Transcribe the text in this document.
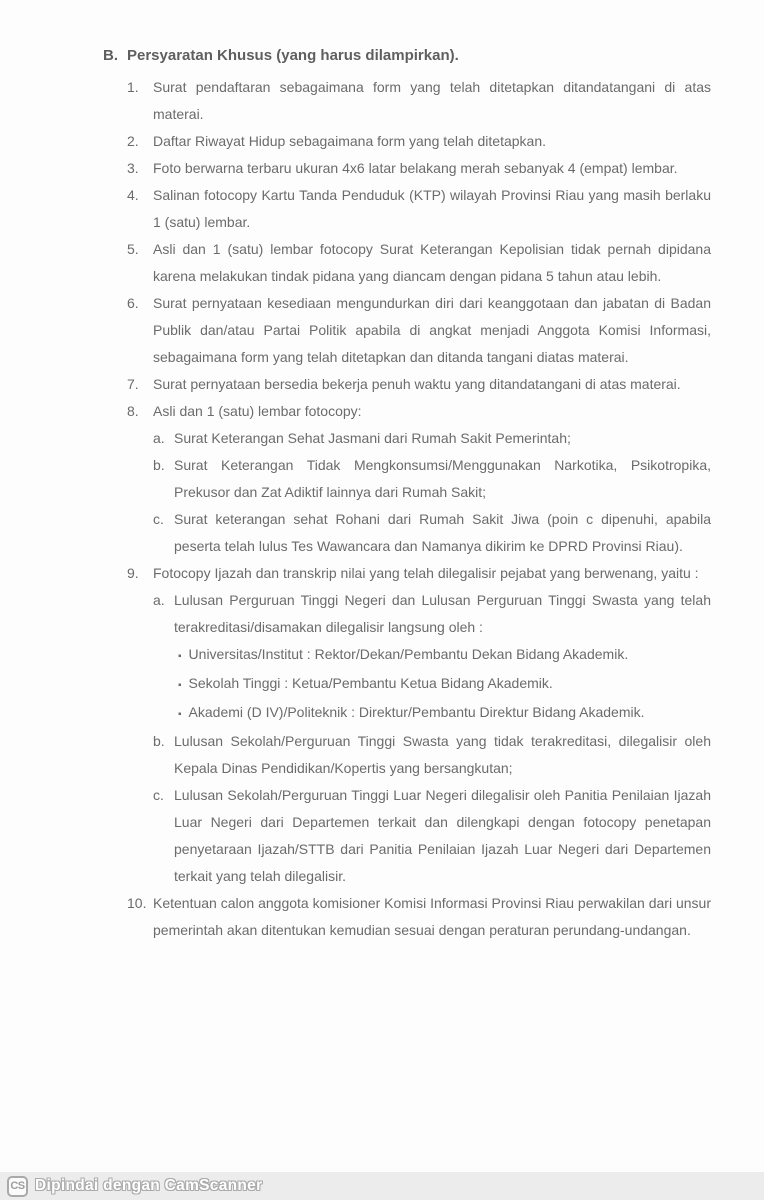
B. Persyaratan Khusus (yang harus dilampirkan).
1.	Surat pendaftaran sebagaimana form yang telah ditetapkan ditandatangani di atas materai.

2.	Daftar Riwayat Hidup sebagaimana form yang telah ditetapkan.

3.	Foto berwarna terbaru ukuran 4x6 latar belakang merah sebanyak 4 (empat) lembar.

4.	Salinan fotocopy Kartu Tanda Penduduk (KTP) wilayah Provinsi Riau yang masih berlaku 1 (satu) lembar.

5.	Asli dan 1 (satu) lembar fotocopy Surat Keterangan Kepolisian tidak pernah dipidana karena melakukan tindak pidana yang diancam dengan pidana 5 tahun atau lebih.

6.	Surat pernyataan kesediaan mengundurkan diri dari keanggotaan dan jabatan di Badan Publik dan/atau Partai Politik apabila di angkat menjadi Anggota Komisi Informasi, sebagaimana form yang telah ditetapkan dan ditanda tangani diatas materai.

7.	Surat pernyataan bersedia bekerja penuh waktu yang ditandatangani di atas materai.

8.	Asli dan 1 (satu) lembar fotocopy:

a. Surat Keterangan Sehat Jasmani dari Rumah Sakit Pemerintah;

b. Surat Keterangan Tidak Mengkonsumsi/Menggunakan Narkotika, Psikotropika, Prekusor dan Zat Adiktif lainnya dari Rumah Sakit;

c. Surat keterangan sehat Rohani dari Rumah Sakit Jiwa (poin c dipenuhi, apabila peserta telah lulus Tes Wawancara dan Namanya dikirim ke DPRD Provinsi Riau).

9.	Fotocopy Ijazah dan transkrip nilai yang telah dilegalisir pejabat yang berwenang, yaitu :

a. Lulusan Perguruan Tinggi Negeri dan Lulusan Perguruan Tinggi Swasta yang telah terakreditasi/disamakan dilegalisir langsung oleh :

▪ Universitas/Institut : Rektor/Dekan/Pembantu Dekan Bidang Akademik.
▪ Sekolah Tinggi : Ketua/Pembantu Ketua Bidang Akademik.
▪ Akademi (D IV)/Politeknik : Direktur/Pembantu Direktur Bidang Akademik.
b. Lulusan Sekolah/Perguruan Tinggi Swasta yang tidak terakreditasi, dilegalisir oleh Kepala Dinas Pendidikan/Kopertis yang bersangkutan;

c. Lulusan Sekolah/Perguruan Tinggi Luar Negeri dilegalisir oleh Panitia Penilaian Ijazah Luar Negeri dari Departemen terkait dan dilengkapi dengan fotocopy penetapan penyetaraan Ijazah/STTB dari Panitia Penilaian Ijazah Luar Negeri dari Departemen terkait yang telah dilegalisir.

10. Ketentuan calon anggota komisioner Komisi Informasi Provinsi Riau perwakilan dari unsur pemerintah akan ditentukan kemudian sesuai dengan peraturan perundang-undangan.

CS Dipindai dengan CamScanner
